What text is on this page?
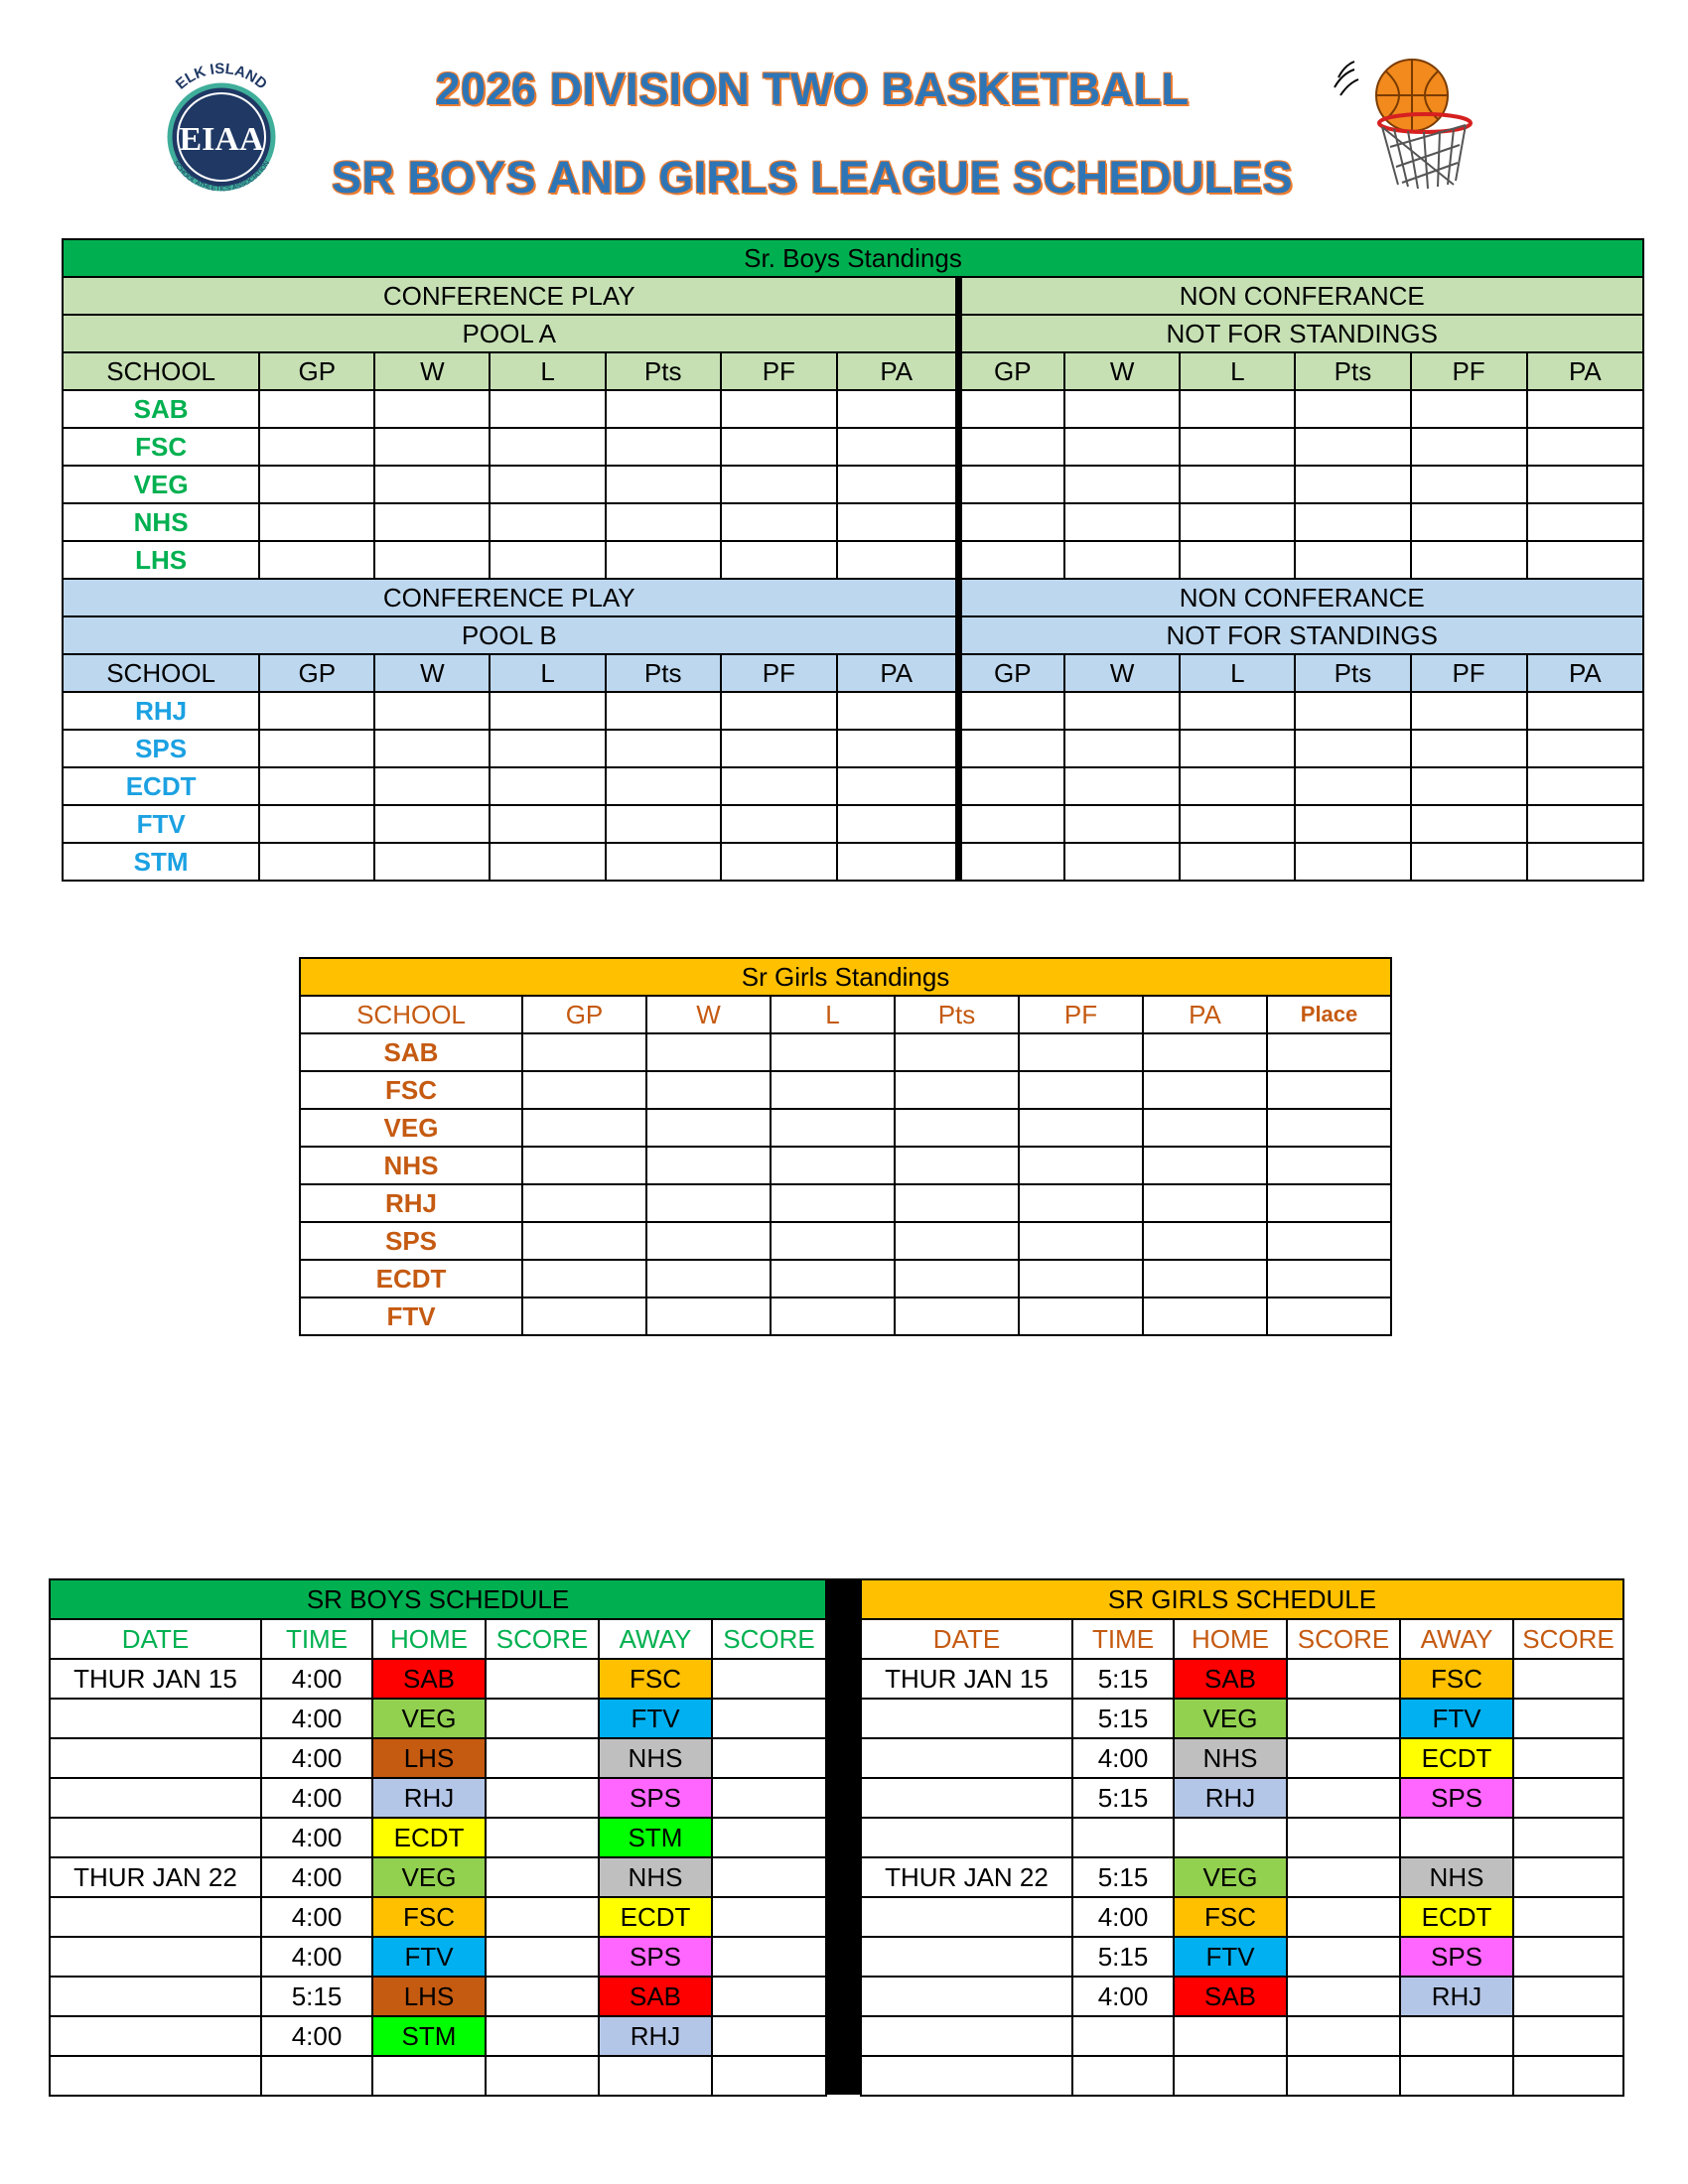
ELK ISLAND
SCHOOL ATHLETICS ASSOCIATION
EIAA
2026 DIVISION TWO BASKETBALL
SR BOYS AND GIRLS LEAGUE SCHEDULES
Sr. Boys Standings												
CONFERENCE PLAY							NON CONFERANCE					
POOL A							NOT FOR STANDINGS					
SCHOOL	GP	W	L	Pts	PF	PA	GP	W	L	Pts	PF	PA
SAB												
FSC												
VEG												
NHS												
LHS												
CONFERENCE PLAY							NON CONFERANCE					
POOL B							NOT FOR STANDINGS					
SCHOOL	GP	W	L	Pts	PF	PA	GP	W	L	Pts	PF	PA
RHJ												
SPS												
ECDT												
FTV												
STM												
Sr Girls Standings							
SCHOOL	GP	W	L	Pts	PF	PA	Place
SAB							
FSC							
VEG							
NHS							
RHJ							
SPS							
ECDT							
FTV							
SR BOYS SCHEDULE					
DATE	TIME	HOME	SCORE	AWAY	SCORE
THUR JAN 15	4:00	SAB		FSC	
	4:00	VEG		FTV	
	4:00	LHS		NHS	
	4:00	RHJ		SPS	
	4:00	ECDT		STM	
THUR JAN 22	4:00	VEG		NHS	
	4:00	FSC		ECDT	
	4:00	FTV		SPS	
	5:15	LHS		SAB	
	4:00	STM		RHJ	

SR GIRLS SCHEDULE					
DATE	TIME	HOME	SCORE	AWAY	SCORE
THUR JAN 15	5:15	SAB		FSC	
	5:15	VEG		FTV	
	4:00	NHS		ECDT	
	5:15	RHJ		SPS	

THUR JAN 22	5:15	VEG		NHS	
	4:00	FSC		ECDT	
	5:15	FTV		SPS	
	4:00	SAB		RHJ	
